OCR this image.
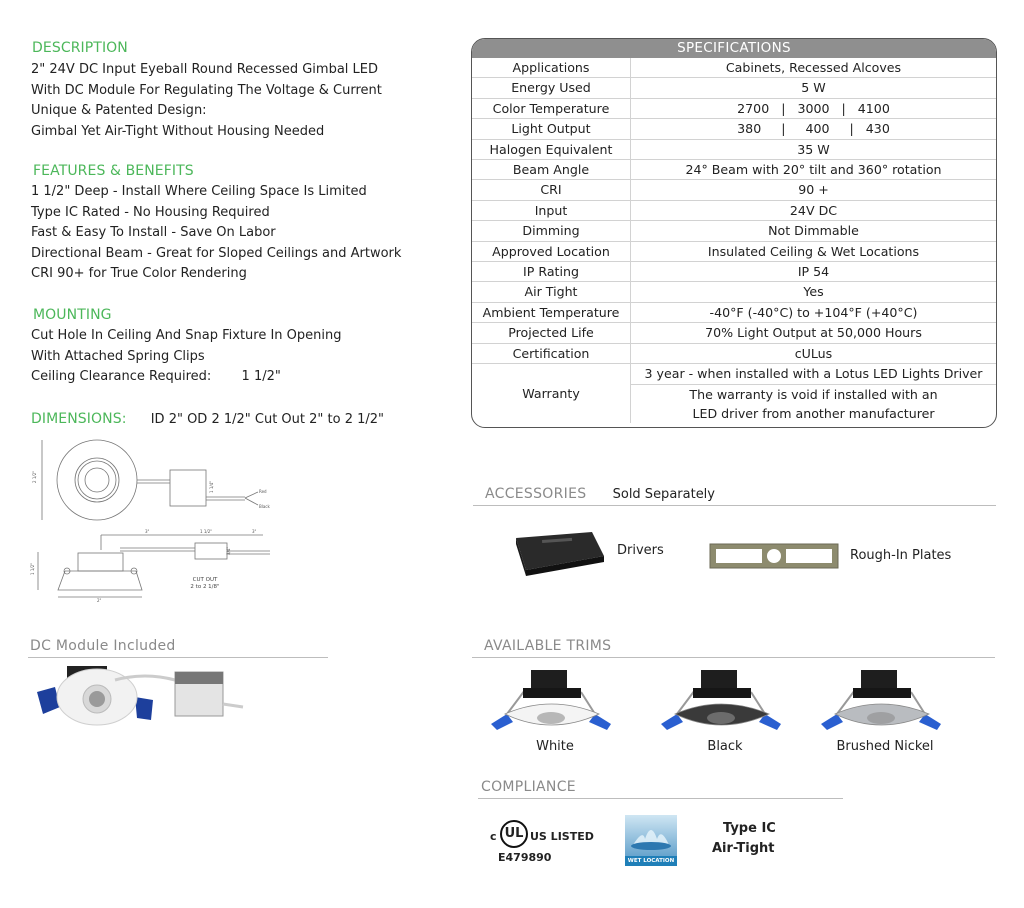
DESCRIPTION
2" 24V DC Input Eyeball Round Recessed Gimbal LED
With DC Module For Regulating The Voltage & Current
Unique & Patented Design:
Gimbal Yet Air-Tight Without Housing Needed
FEATURES & BENEFITS
1 1/2" Deep - Install Where Ceiling Space Is Limited
Type IC Rated - No Housing Required
Fast & Easy To Install - Save On Labor
Directional Beam - Great for Sloped Ceilings and Artwork
CRI 90+ for True Color Rendering
MOUNTING
Cut Hole In Ceiling And Snap Fixture In Opening
With Attached Spring Clips
Ceiling Clearance Required: 1 1/2"
DIMENSIONS: ID 2" OD 2 1/2" Cut Out 2" to 2 1/2"
2 1/2"
1 1/4"	Red
Black
3"	1 1/2"	3"
1 1/2"
3/4"
2"
CUT OUT
2 to 2 1/8"
DC Module Included
SPECIFICATIONS
Applications	Cabinets, Recessed Alcoves
Energy Used	5 W
Color Temperature	2700   |   3000   |   4100
Light Output	380     |     400     |   430
Halogen Equivalent	35 W
Beam Angle	24° Beam with 20° tilt and 360° rotation
CRI	90 +
Input	24V DC
Dimming	Not Dimmable
Approved Location	Insulated Ceiling & Wet Locations
IP Rating	IP 54
Air Tight	Yes
Ambient Temperature	-40°F (-40°C) to +104°F (+40°C)
Projected Life	70% Light Output at 50,000 Hours
Certification	cULus
Warranty	3 year - when installed with a Lotus LED Lights Driver
	The warranty is void if installed with an
	LED driver from another manufacturer
ACCESSORIES Sold Separately
Drivers	Rough-In Plates
AVAILABLE TRIMS
White	Black	Brushed Nickel
COMPLIANCE
c UL US LISTED
E479890	WET LOCATION
Type IC
Air-Tight
